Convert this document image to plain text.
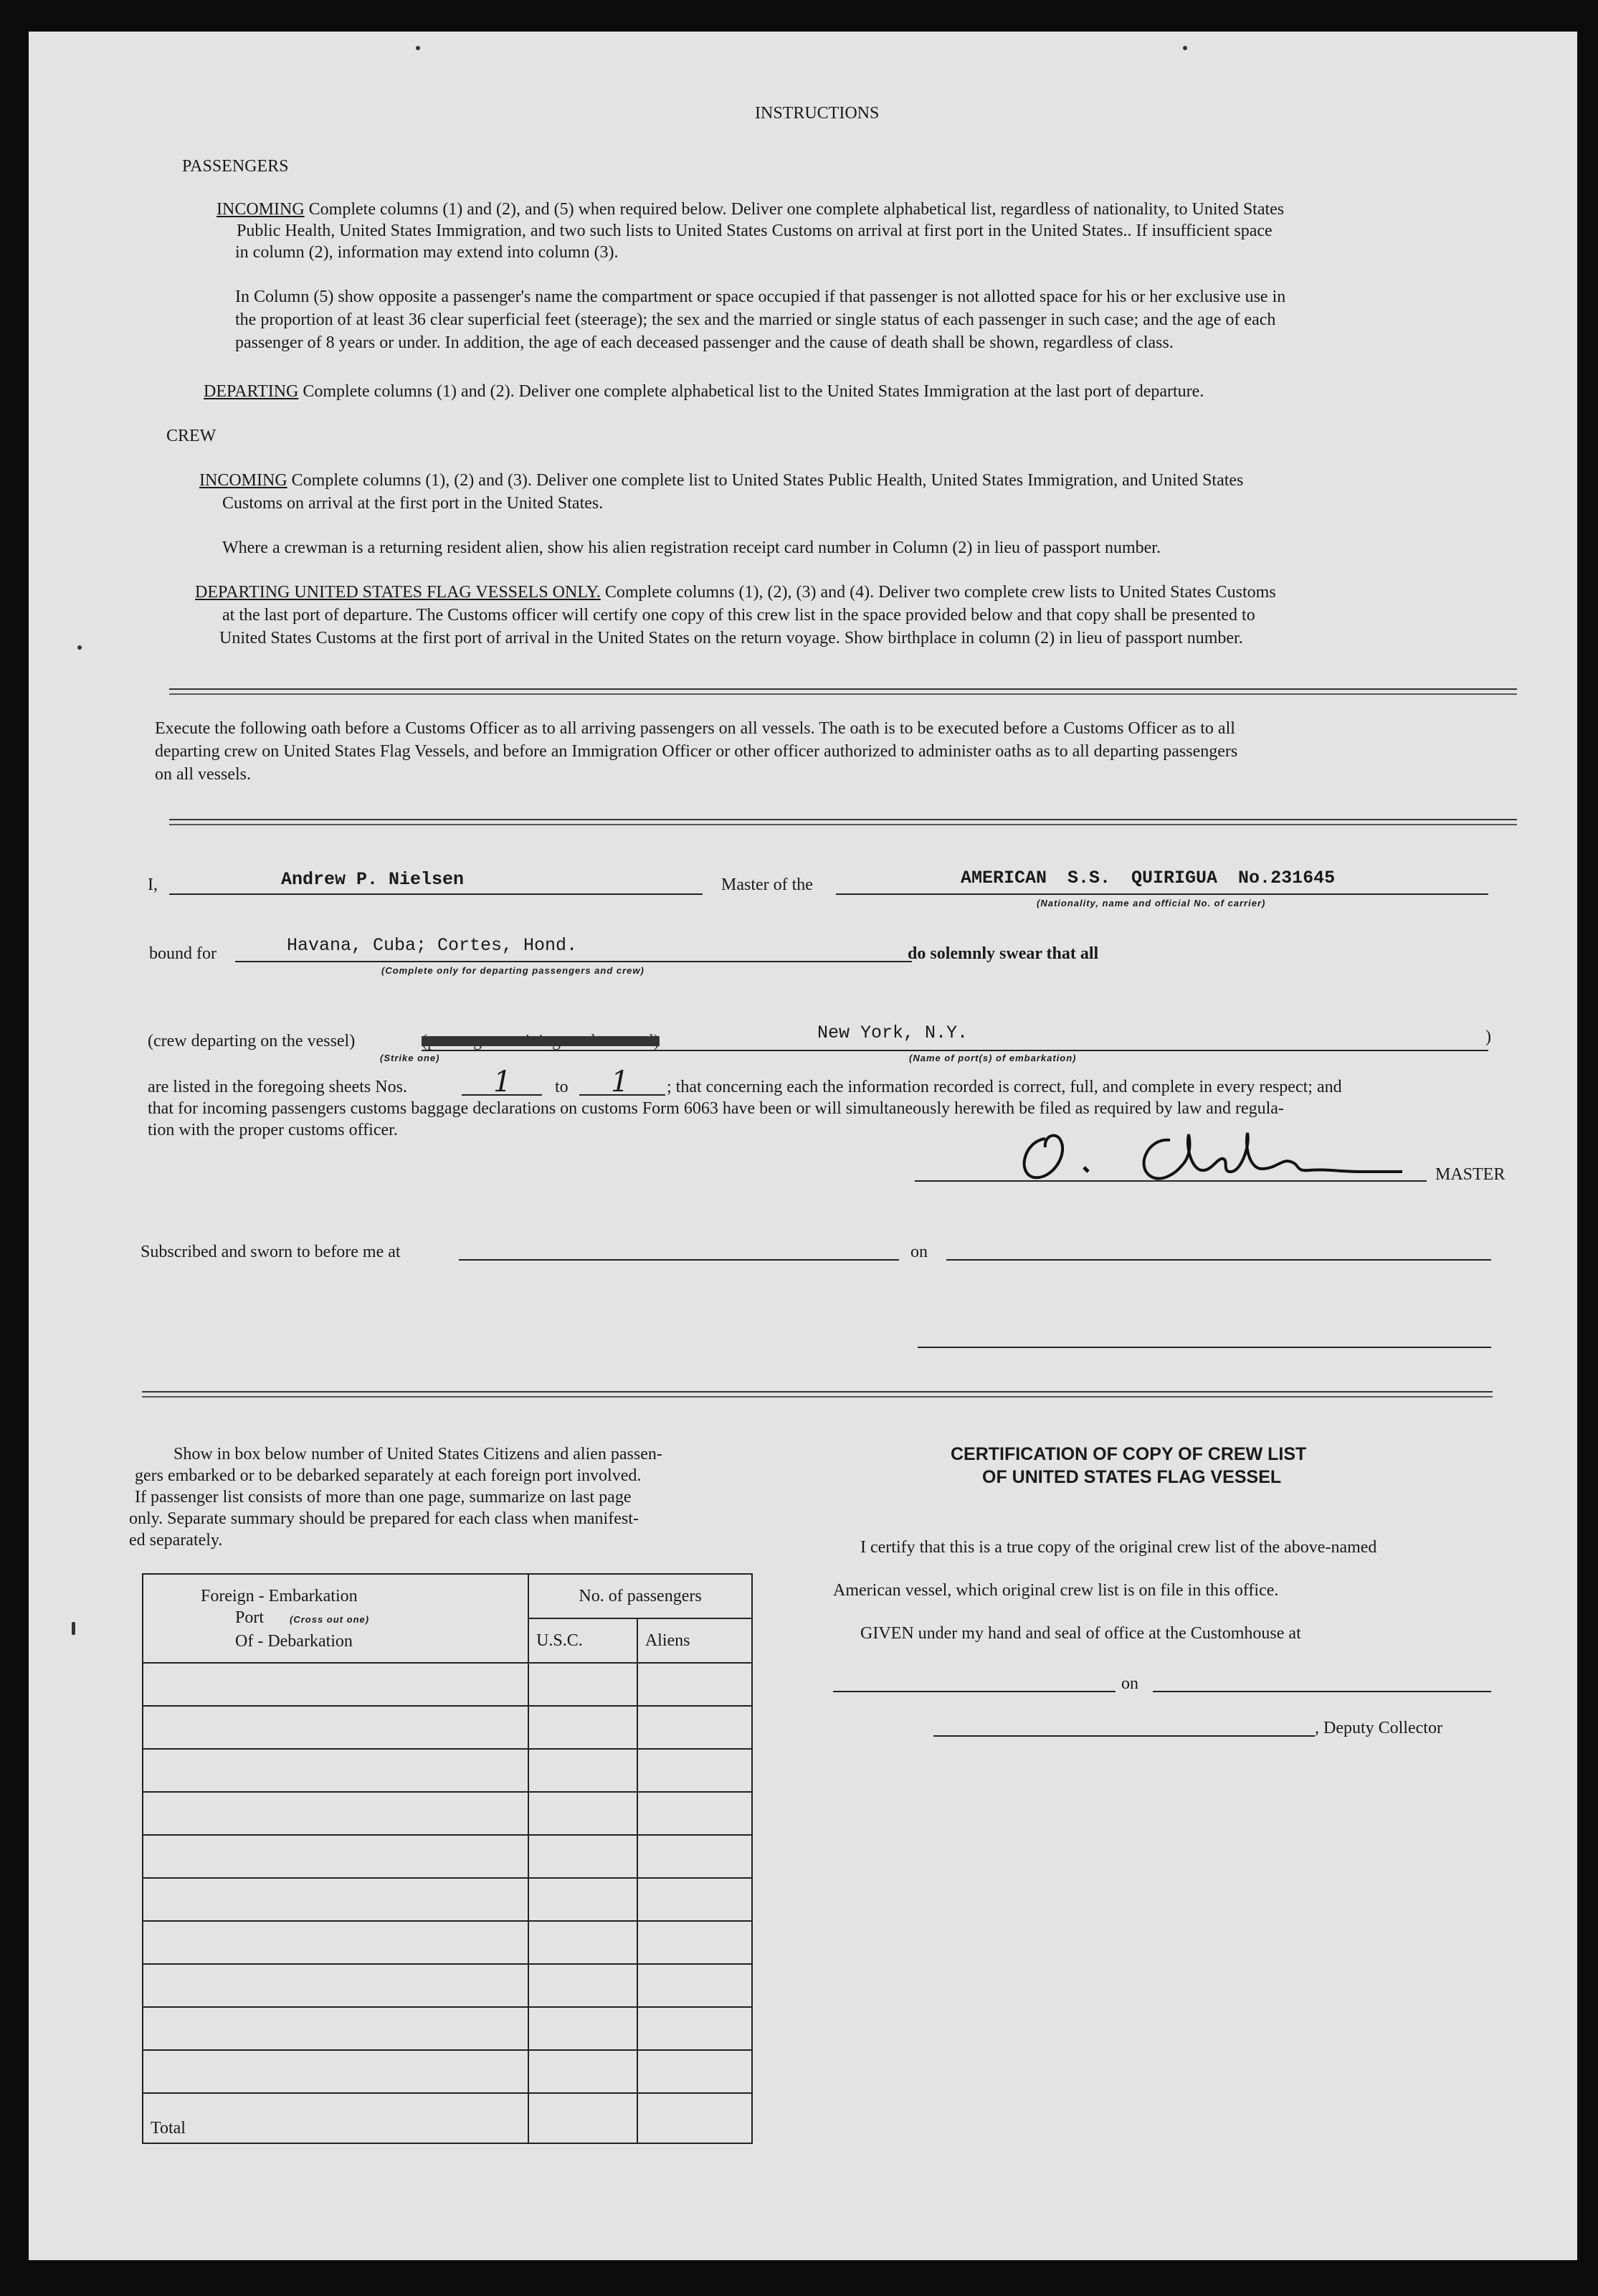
INSTRUCTIONS
PASSENGERS
INCOMING Complete columns (1) and (2), and (5) when required below. Deliver one complete alphabetical list, regardless of nationality, to United States
Public Health, United States Immigration, and two such lists to United States Customs on arrival at first port in the United States.. If insufficient space
in column (2), information may extend into column (3).
In Column (5) show opposite a passenger's name the compartment or space occupied if that passenger is not allotted space for his or her exclusive use in
the proportion of at least 36 clear superficial feet (steerage); the sex and the married or single status of each passenger in such case; and the age of each
passenger of 8 years or under. In addition, the age of each deceased passenger and the cause of death shall be shown, regardless of class.
DEPARTING Complete columns (1) and (2). Deliver one complete alphabetical list to the United States Immigration at the last port of departure.
CREW
INCOMING Complete columns (1), (2) and (3). Deliver one complete list to United States Public Health, United States Immigration, and United States
Customs on arrival at the first port in the United States.
Where a crewman is a returning resident alien, show his alien registration receipt card number in Column (2) in lieu of passport number.
DEPARTING UNITED STATES FLAG VESSELS ONLY. Complete columns (1), (2), (3) and (4). Deliver two complete crew lists to United States Customs
at the last port of departure. The Customs officer will certify one copy of this crew list in the space provided below and that copy shall be presented to
United States Customs at the first port of arrival in the United States on the return voyage. Show birthplace in column (2) in lieu of passport number.
Execute the following oath before a Customs Officer as to all arriving passengers on all vessels. The oath is to be executed before a Customs Officer as to all
departing crew on United States Flag Vessels, and before an Immigration Officer or other officer authorized to administer oaths as to all departing passengers
on all vessels.
I,	Andrew P. Nielsen	Master of the	AMERICAN S.S. QUIRIGUA No.231645
(Nationality, name and official No. of carrier)
bound for	Havana, Cuba; Cortes, Hond.
(Complete only for departing passengers and crew)
do solemnly swear that all
(crew departing on the vessel)	(passengers arriving on the vessel)	New York, N.Y.
(Strike one)	(Name of port(s) of embarkation)
)
are listed in the foregoing sheets Nos.	1	to 1 ; that concerning each the information recorded is correct, full, and complete in every respect; and
that for incoming passengers customs baggage declarations on customs Form 6063 have been or will simultaneously herewith be filed as required by law and regula-
tion with the proper customs officer.
MASTER
Subscribed and sworn to before me at	on
Show in box below number of United States Citizens and alien passen-
gers embarked or to be debarked separately at each foreign port involved.
If passenger list consists of more than one page, summarize on last page
only. Separate summary should be prepared for each class when manifest-
ed separately.
Foreign - Embarkation
Port (Cross out one)
Of - Debarkation	No. of passengers	
	U.S.C.	Aliens

Total		
CERTIFICATION OF COPY OF CREW LIST
OF UNITED STATES FLAG VESSEL
I certify that this is a true copy of the original crew list of the above-named
American vessel, which original crew list is on file in this office.
GIVEN under my hand and seal of office at the Customhouse at
on
, Deputy Collector
